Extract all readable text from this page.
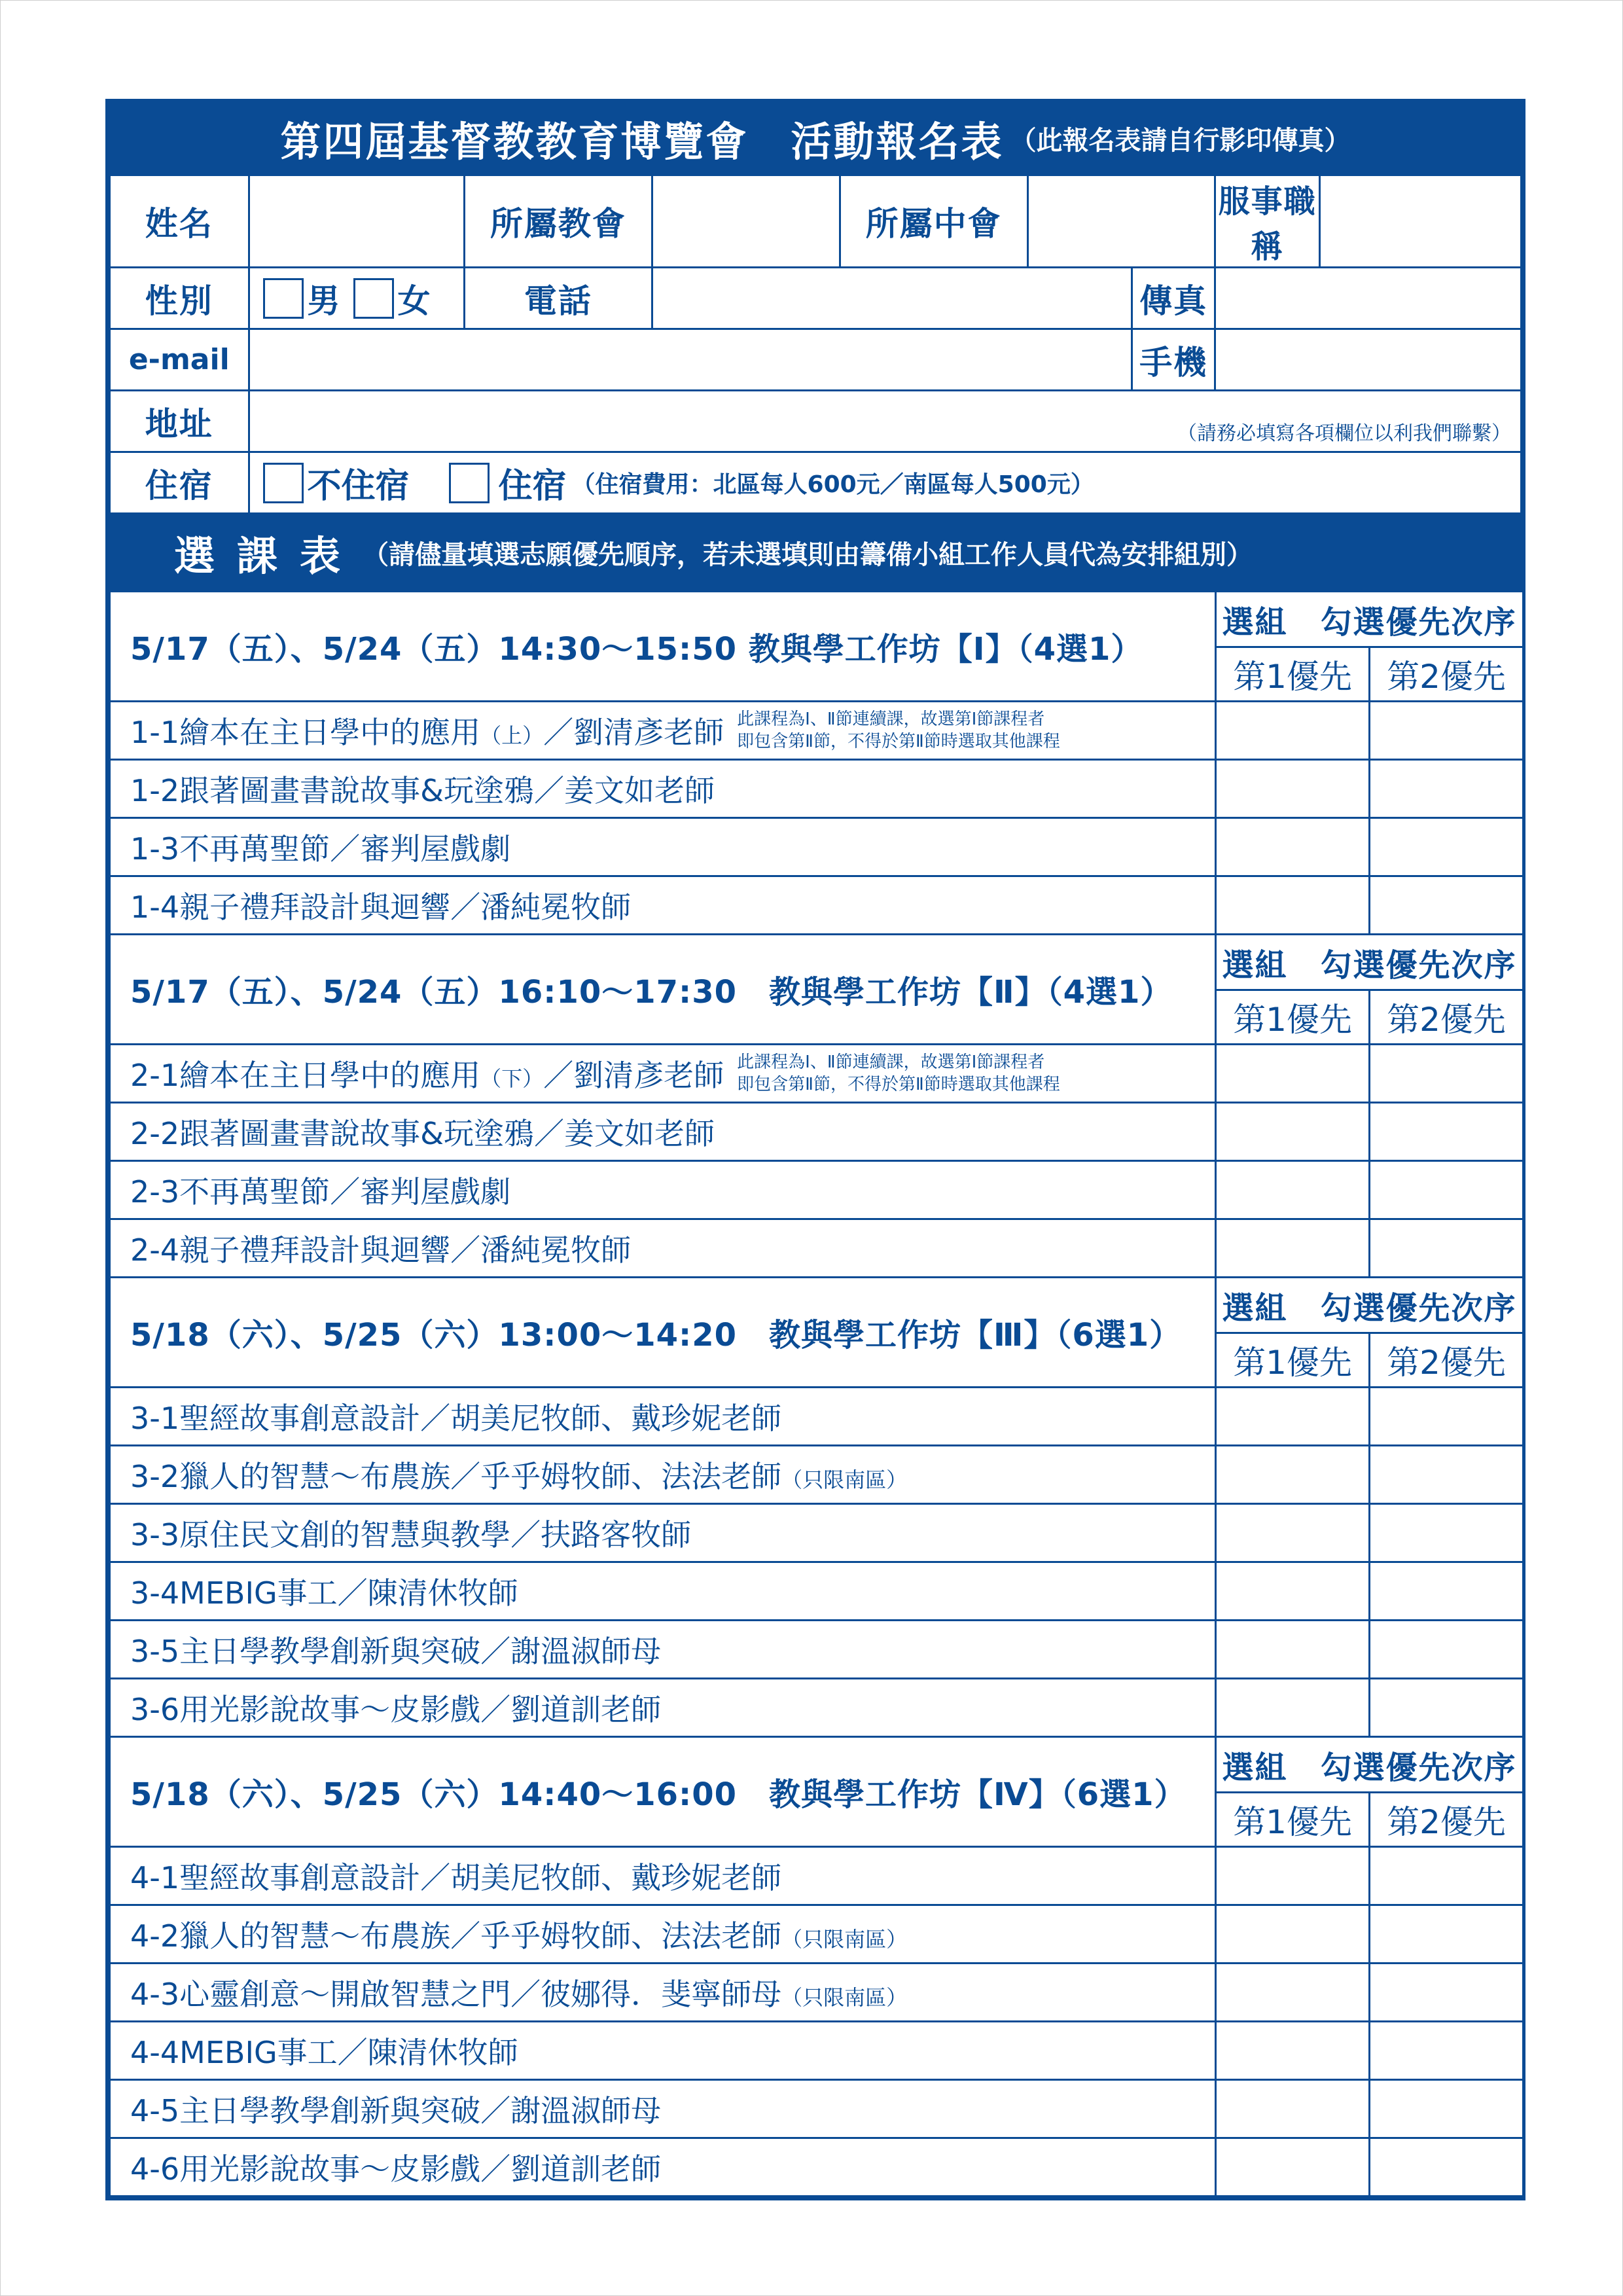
第四屆基督教教育博覽會　活動報名表 （此報名表請自行影印傳真）
姓名		所屬教會		所屬中會			服事職稱	
性別	男 女	電話				傳真		
e-mail						手機		
地址	（請務必填寫各項欄位以利我們聯繫）							

住宿	不住宿 住宿 （住宿費用：北區每人600元／南區每人500元）							
選課表 （請儘量填選志願優先順序，若未選填則由籌備小組工作人員代為安排組別）
5/17（五）、5/24（五）14:30～15:50 教與學工作坊【Ⅰ】（4選1）	選組　勾選優先次序	
	第1優先	第2優先

1-1繪本在主日學中的應用（上）／劉清彥老師 此課程為Ⅰ、Ⅱ節連續課，故選第Ⅰ節課程者
即包含第Ⅱ節，不得於第Ⅱ節時選取其他課程		

1-2跟著圖畫書說故事&玩塗鴉／姜文如老師		

1-3不再萬聖節／審判屋戲劇		

1-4親子禮拜設計與迴響／潘純冕牧師		

5/17（五）、5/24（五）16:10～17:30　教與學工作坊【Ⅱ】（4選1）	選組　勾選優先次序	
	第1優先	第2優先

2-1繪本在主日學中的應用（下）／劉清彥老師 此課程為Ⅰ、Ⅱ節連續課，故選第Ⅰ節課程者
即包含第Ⅱ節，不得於第Ⅱ節時選取其他課程		

2-2跟著圖畫書說故事&玩塗鴉／姜文如老師		

2-3不再萬聖節／審判屋戲劇		

2-4親子禮拜設計與迴響／潘純冕牧師		

5/18（六）、5/25（六）13:00～14:20　教與學工作坊【Ⅲ】（6選1）	選組　勾選優先次序	
	第1優先	第2優先

3-1聖經故事創意設計／胡美尼牧師、戴珍妮老師		

3-2獵人的智慧～布農族／乎乎姆牧師、法法老師（只限南區）		

3-3原住民文創的智慧與教學／扶路客牧師		

3-4MEBIG事工／陳清休牧師		

3-5主日學教學創新與突破／謝溫淑師母		

3-6用光影說故事～皮影戲／劉道訓老師		

5/18（六）、5/25（六）14:40～16:00　教與學工作坊【Ⅳ】（6選1）	選組　勾選優先次序	
	第1優先	第2優先

4-1聖經故事創意設計／胡美尼牧師、戴珍妮老師		

4-2獵人的智慧～布農族／乎乎姆牧師、法法老師（只限南區）		

4-3心靈創意～開啟智慧之門／彼娜得．斐寧師母（只限南區）		

4-4MEBIG事工／陳清休牧師		

4-5主日學教學創新與突破／謝溫淑師母		

4-6用光影說故事～皮影戲／劉道訓老師		
